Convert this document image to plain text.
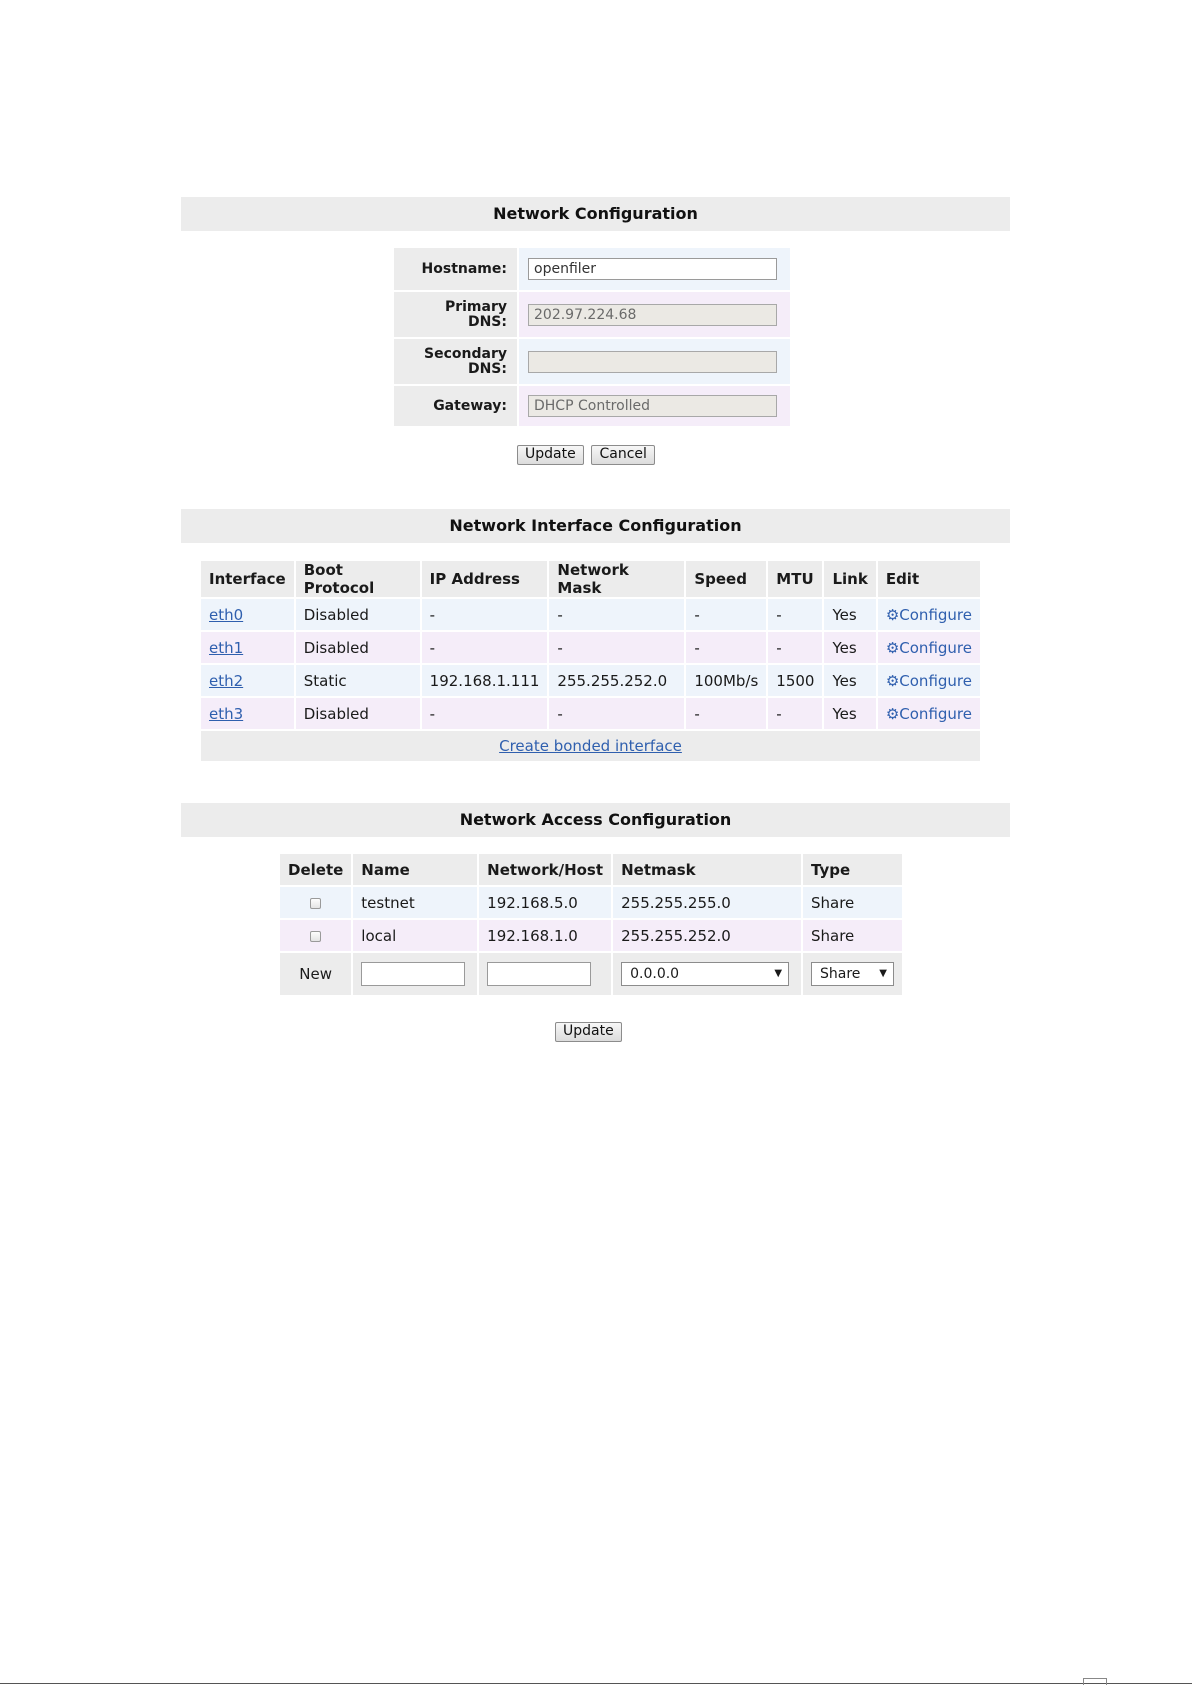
Network Configuration
Hostname:	openfiler
Primary
DNS:	202.97.224.68
Secondary
DNS:	
Gateway:	DHCP Controlled
Update Cancel
Network Interface Configuration
Interface	Boot Protocol	IP Address	Network Mask	Speed	MTU	Link	Edit
eth0	Disabled	-	-	-	-	Yes	⚙Configure
eth1	Disabled	-	-	-	-	Yes	⚙Configure
eth2	Static	192.168.1.111	255.255.252.0	100Mb/s	1500	Yes	⚙Configure
eth3	Disabled	-	-	-	-	Yes	⚙Configure
Create bonded interface							
Network Access Configuration
Delete	Name	Network/Host	Netmask	Type
	testnet	192.168.5.0	255.255.255.0	Share
	local	192.168.1.0	255.255.252.0	Share
New			0.0.0.0 ▼	Share ▼
Update
